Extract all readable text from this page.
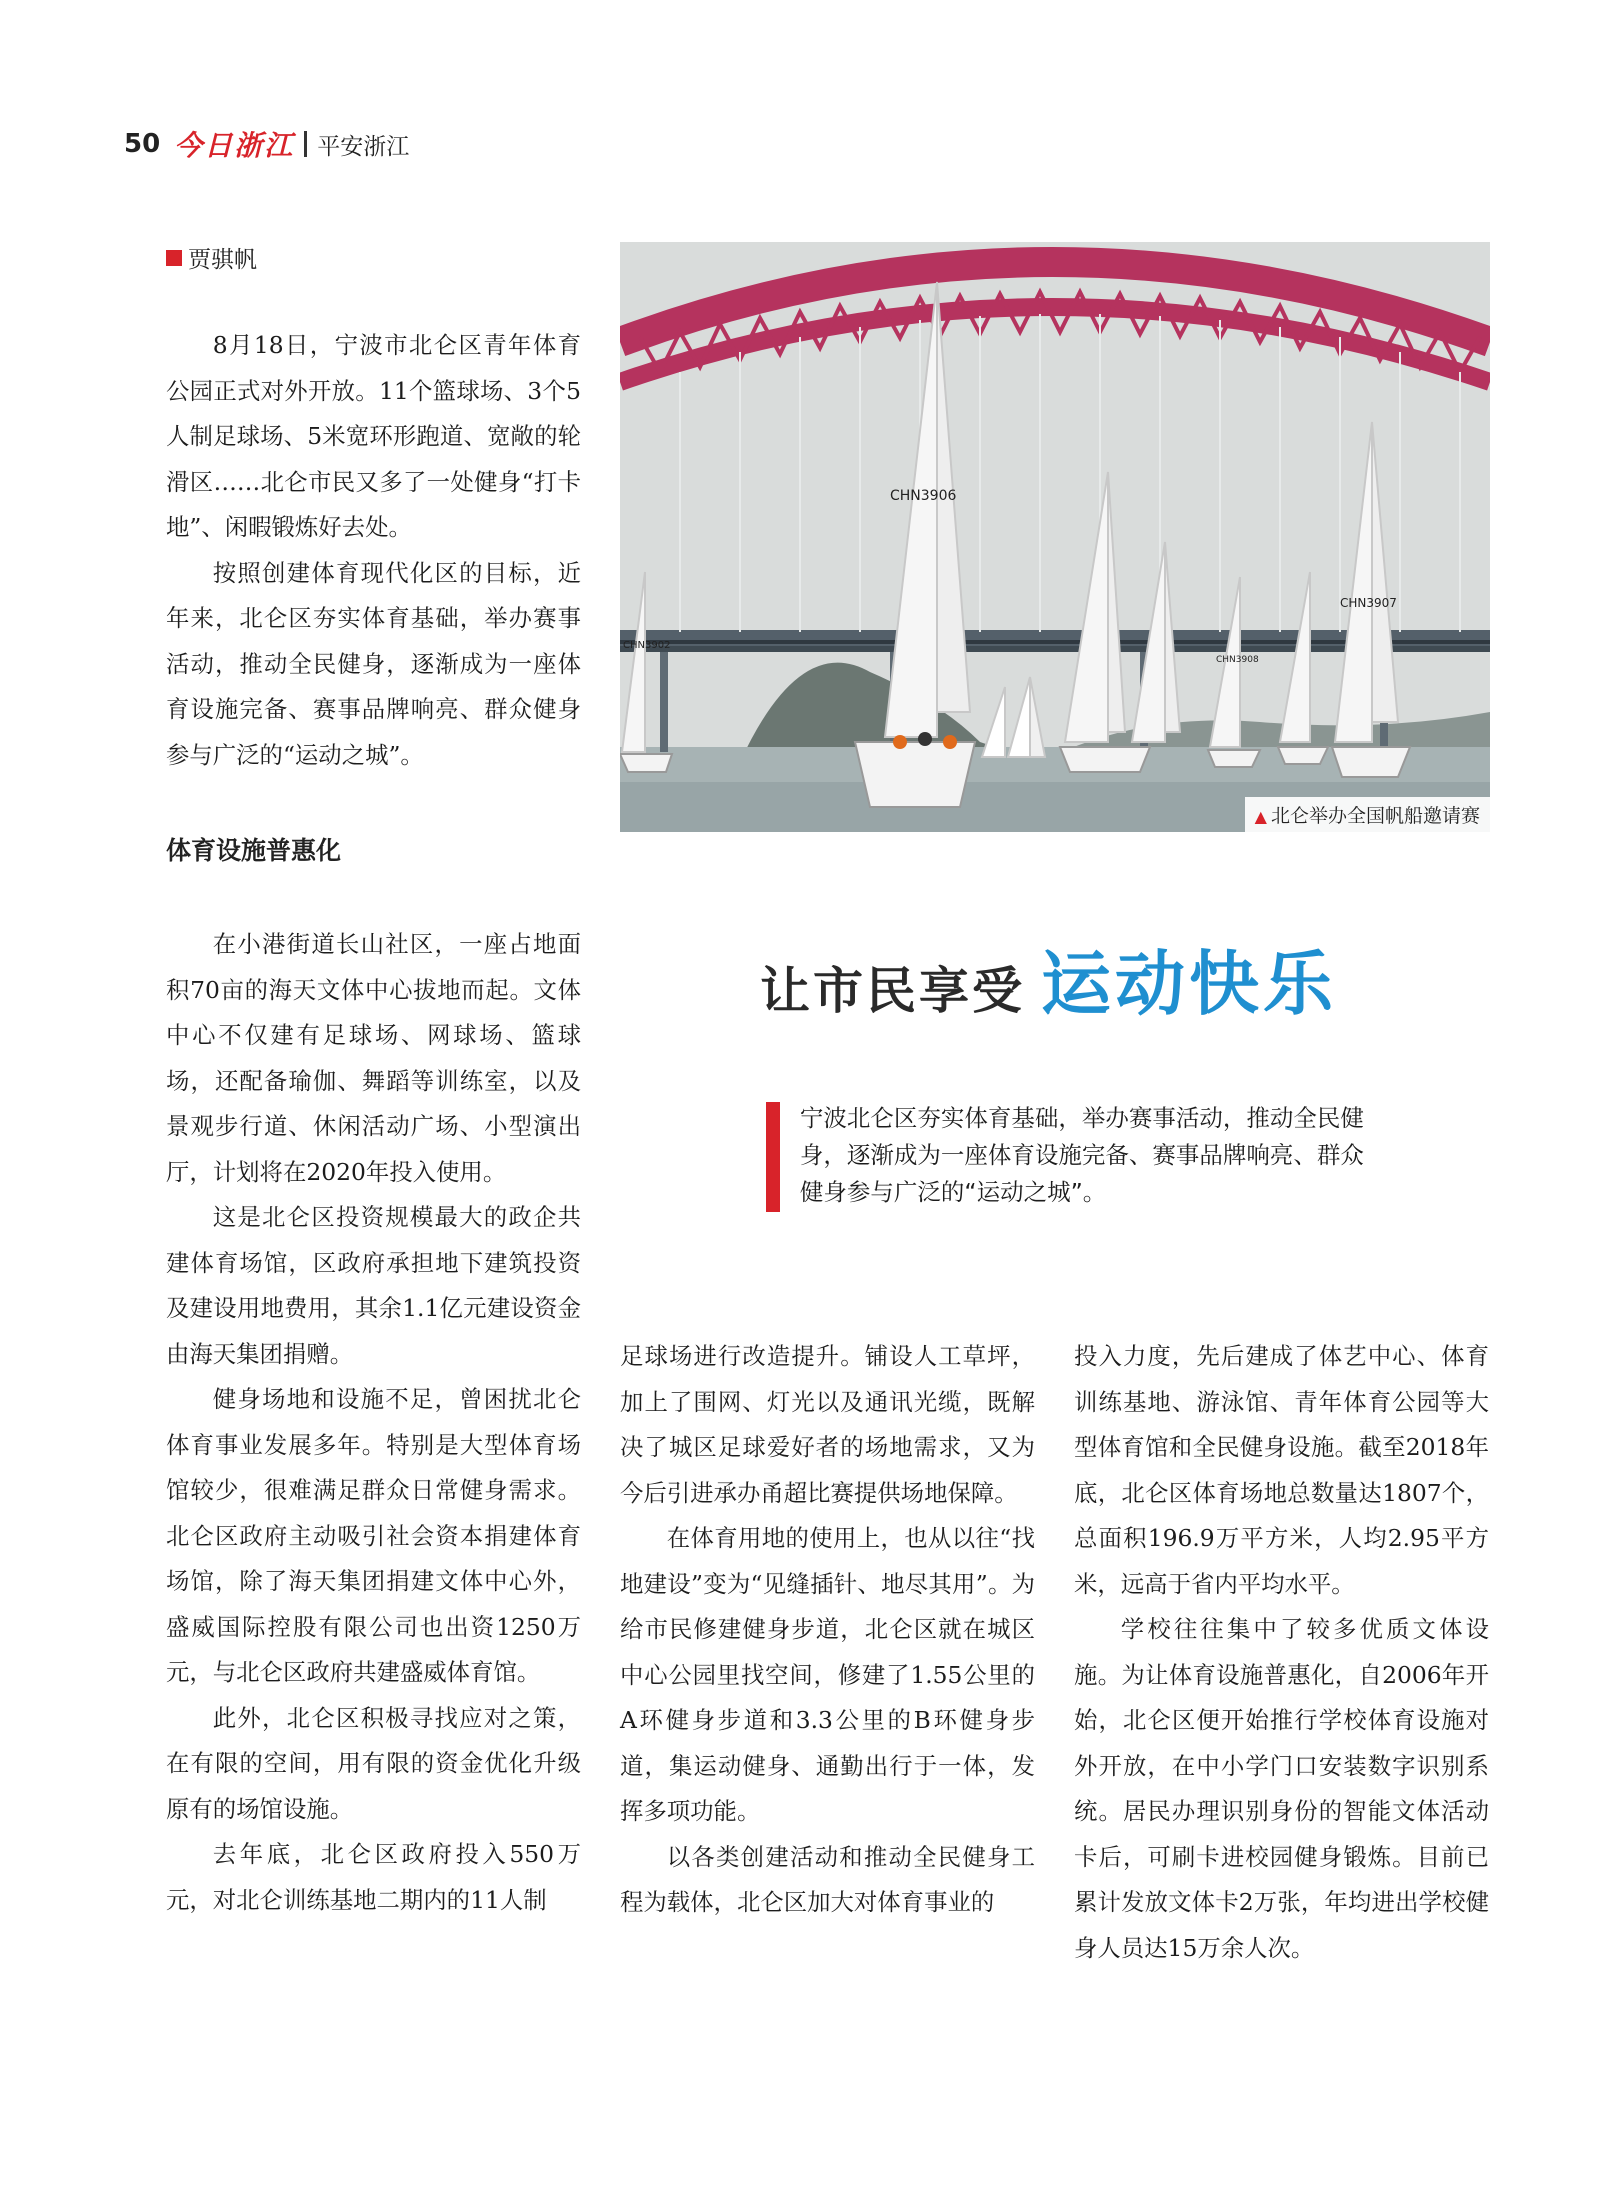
50 今日浙江 平安浙江
贾骐帆

8月18日，宁波市北仑区青年体育公园正式对外开放。11个篮球场、3个5人制足球场、5米宽环形跑道、宽敞的轮滑区……北仑市民又多了一处健身“打卡地”、闲暇锻炼好去处。

按照创建体育现代化区的目标，近年来，北仑区夯实体育基础，举办赛事活动，推动全民健身，逐渐成为一座体育设施完备、赛事品牌响亮、群众健身参与广泛的“运动之城”。

体育设施普惠化

在小港街道长山社区，一座占地面积70亩的海天文体中心拔地而起。文体中心不仅建有足球场、网球场、篮球场，还配备瑜伽、舞蹈等训练室，以及景观步行道、休闲活动广场、小型演出厅，计划将在2020年投入使用。

这是北仑区投资规模最大的政企共建体育场馆，区政府承担地下建筑投资及建设用地费用，其余1.1亿元建设资金由海天集团捐赠。

健身场地和设施不足，曾困扰北仑体育事业发展多年。特别是大型体育场馆较少，很难满足群众日常健身需求。北仑区政府主动吸引社会资本捐建体育场馆，除了海天集团捐建文体中心外，盛威国际控股有限公司也出资1250万元，与北仑区政府共建盛威体育馆。

此外，北仑区积极寻找应对之策，在有限的空间，用有限的资金优化升级原有的场馆设施。

去年底，北仑区政府投入550万元，对北仑训练基地二期内的11人制

CHN3906
CHN3907
CHN3902
CHN3908
▲ 北仑举办全国帆船邀请赛
让市民享受 运动快乐
宁波北仑区夯实体育基础，举办赛事活动，推动全民健身，逐渐成为一座体育设施完备、赛事品牌响亮、群众健身参与广泛的“运动之城”。

足球场进行改造提升。铺设人工草坪，加上了围网、灯光以及通讯光缆，既解决了城区足球爱好者的场地需求，又为今后引进承办甬超比赛提供场地保障。

在体育用地的使用上，也从以往“找地建设”变为“见缝插针、地尽其用”。为给市民修建健身步道，北仑区就在城区中心公园里找空间，修建了1.55公里的A环健身步道和3.3公里的B环健身步道，集运动健身、通勤出行于一体，发挥多项功能。

以各类创建活动和推动全民健身工程为载体，北仑区加大对体育事业的

投入力度，先后建成了体艺中心、体育训练基地、游泳馆、青年体育公园等大型体育馆和全民健身设施。截至2018年底，北仑区体育场地总数量达1807个，总面积196.9万平方米，人均2.95平方米，远高于省内平均水平。

学校往往集中了较多优质文体设施。为让体育设施普惠化，自2006年开始，北仑区便开始推行学校体育设施对外开放，在中小学门口安装数字识别系统。居民办理识别身份的智能文体活动卡后，可刷卡进校园健身锻炼。目前已累计发放文体卡2万张，年均进出学校健身人员达15万余人次。
